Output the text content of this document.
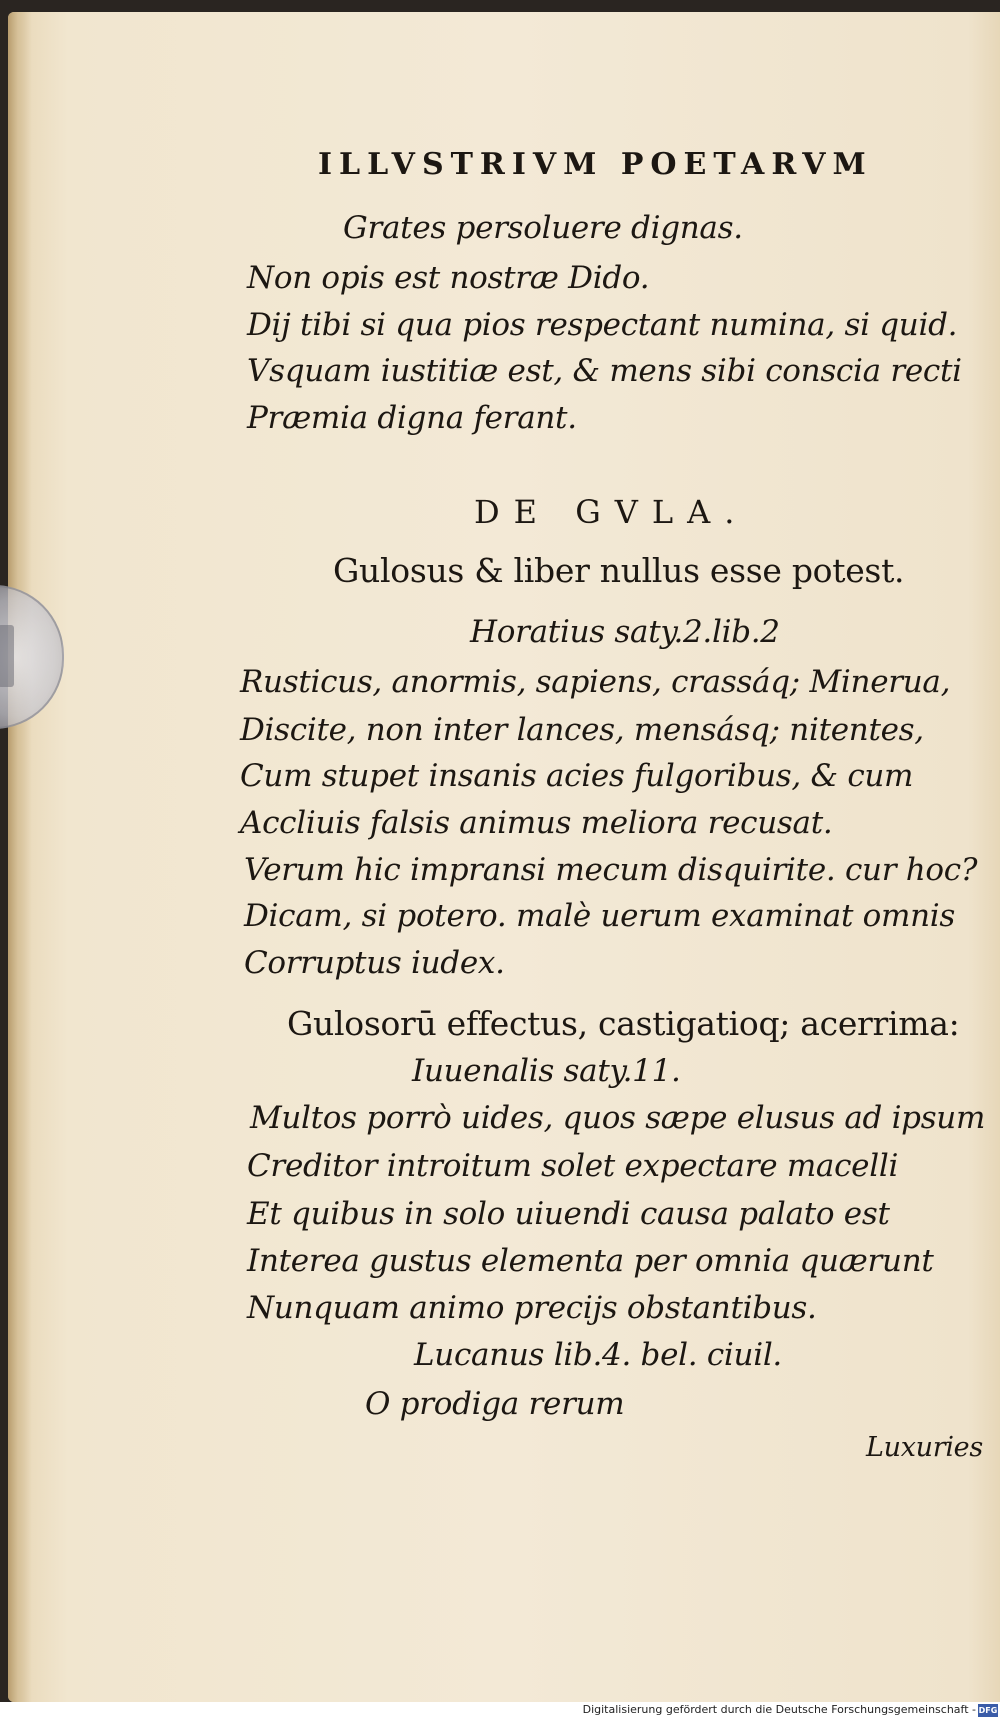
ILLVSTRIVM POETARVM
Grates persoluere dignas.
Non opis est nostræ Dido.
Dij tibi si qua pios respectant numina, si quid.
Vsquam iustitiæ est, & mens sibi conscia recti
Præmia digna ferant.
DE GVLA.
Gulosus & liber nullus esse potest.
Horatius saty.2.lib.2
Rusticus, anormis, sapiens, crassáq; Minerua,
Discite, non inter lances, mensásq; nitentes,
Cum stupet insanis acies fulgoribus, & cum
Accliuis falsis animus meliora recusat.
Verum hic impransi mecum disquirite. cur hoc?
Dicam, si potero. malè uerum examinat omnis
Corruptus iudex.
Gulosorū effectus, castigatioq; acerrima:
Iuuenalis saty.11.
Multos porrò uides, quos sæpe elusus ad ipsum
Creditor introitum solet expectare macelli
Et quibus in solo uiuendi causa palato est
Interea gustus elementa per omnia quærunt
Nunquam animo precijs obstantibus.
Lucanus lib.4. bel. ciuil.
O prodiga rerum
Luxuries
Digitalisierung gefördert durch die Deutsche Forschungsgemeinschaft - DFG
